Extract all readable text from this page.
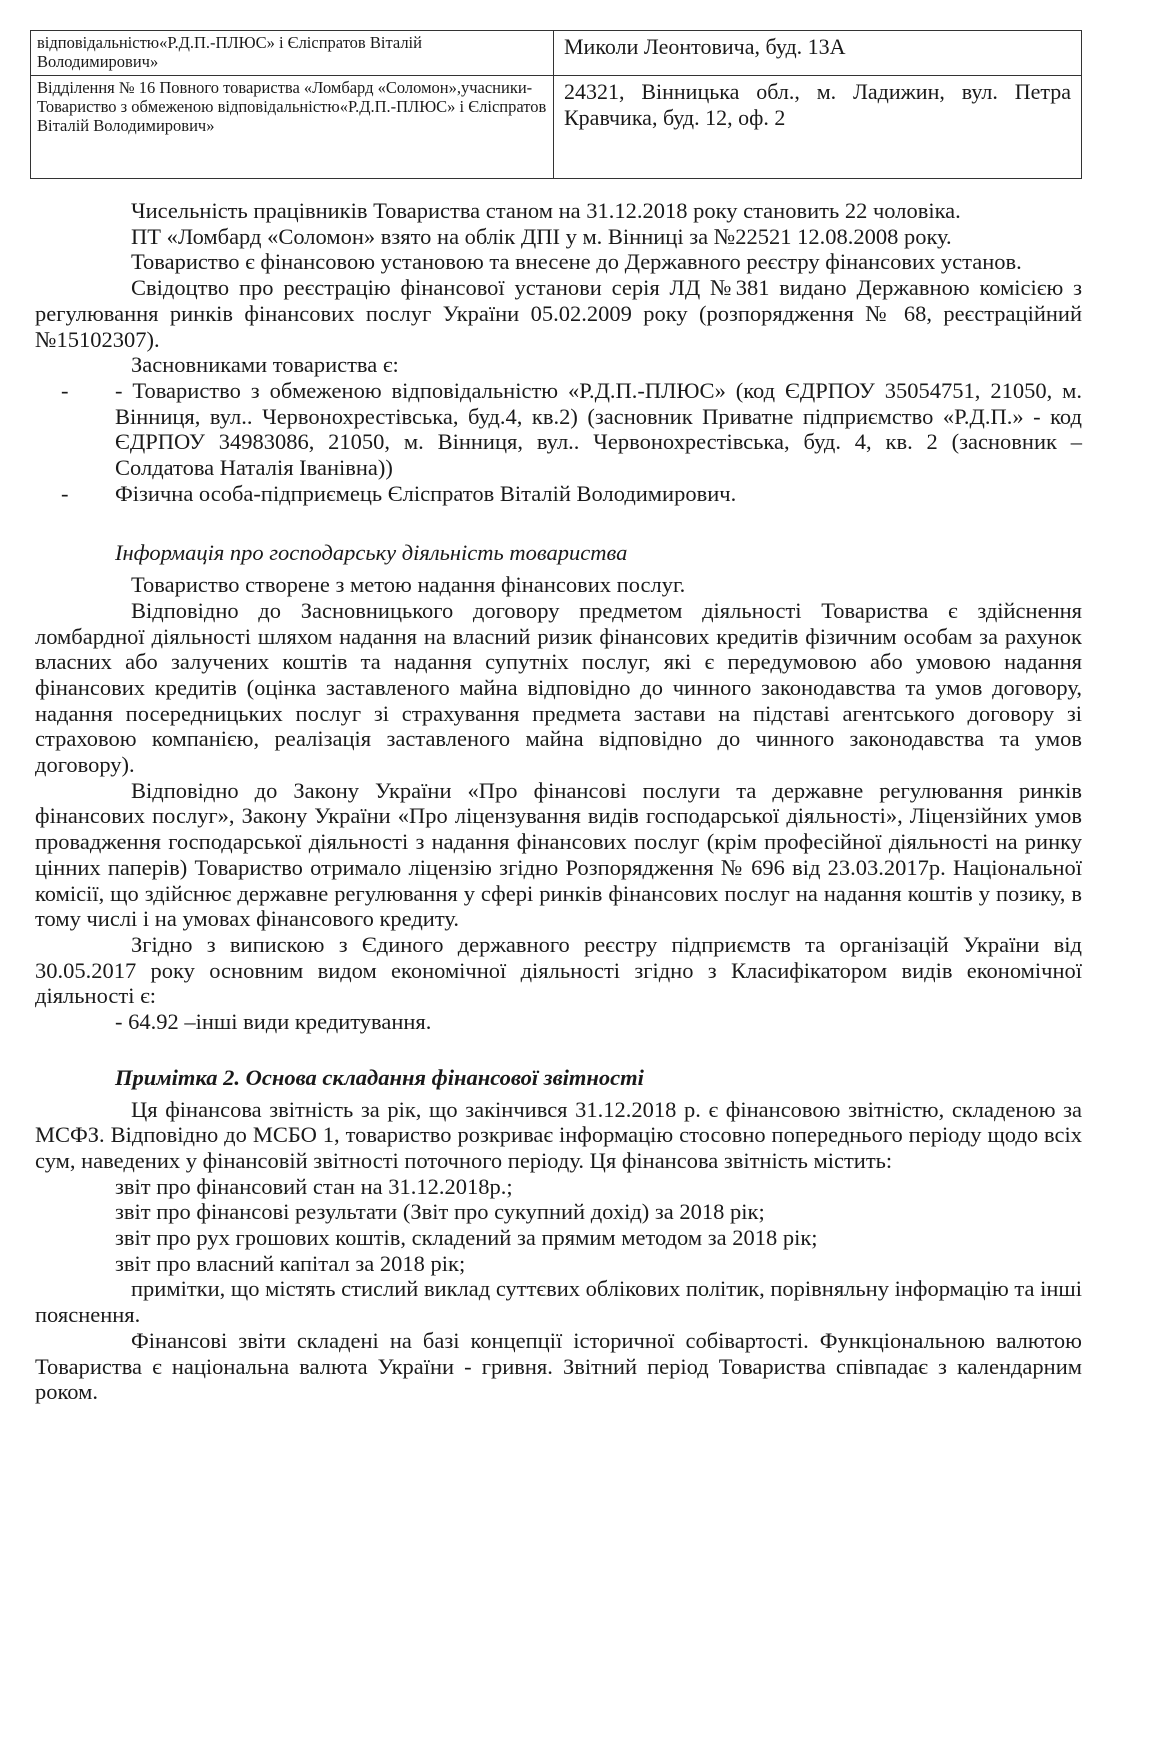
відповідальністю«Р.Д.П.-ПЛЮС» і Єліспратов Віталій Володимирович»	Миколи Леонтовича, буд. 13А
Відділення № 16 Повного товариства «Ломбард «Соломон»,учасники-Товариство з обмеженою відповідальністю«Р.Д.П.-ПЛЮС» і Єліспратов Віталій Володимирович»	24321, Вінницька обл., м. Ладижин, вул. Петра Кравчика, буд. 12, оф. 2

Чисельність працівників Товариства станом на 31.12.2018 року становить 22 чоловіка.

ПТ «Ломбард «Соломон» взято на облік ДПІ у м. Вінниці за №22521 12.08.2008 року.

Товариство є фінансовою установою та внесене до Державного реєстру фінансових установ.

Свідоцтво про реєстрацію фінансової установи серія ЛД №381 видано Державною комісією з регулювання ринків фінансових послуг України 05.02.2009 року (розпорядження № 68, реєстраційний №15102307).

Засновниками товариства є:

- - Товариство з обмеженою відповідальністю «Р.Д.П.-ПЛЮС» (код ЄДРПОУ 35054751, 21050, м. Вінниця, вул.. Червонохрестівська, буд.4, кв.2) (засновник Приватне підприємство «Р.Д.П.» - код ЄДРПОУ 34983086, 21050, м. Вінниця, вул.. Червонохрестівська, буд. 4, кв. 2 (засновник – Солдатова Наталія Іванівна))

- Фізична особа-підприємець Єліспратов Віталій Володимирович.

Інформація про господарську діяльність товариства

Товариство створене з метою надання фінансових послуг.

Відповідно до Засновницького договору предметом діяльності Товариства є здійснення ломбардної діяльності шляхом надання на власний ризик фінансових кредитів фізичним особам за рахунок власних або залучених коштів та надання супутніх послуг, які є передумовою або умовою надання фінансових кредитів (оцінка заставленого майна відповідно до чинного законодавства та умов договору, надання посередницьких послуг зі страхування предмета застави на підставі агентського договору зі страховою компанією, реалізація заставленого майна відповідно до чинного законодавства та умов договору).

Відповідно до Закону України «Про фінансові послуги та державне регулювання ринків фінансових послуг», Закону України «Про ліцензування видів господарської діяльності», Ліцензійних умов провадження господарської діяльності з надання фінансових послуг (крім професійної діяльності на ринку цінних паперів) Товариство отримало ліцензію згідно Розпорядження № 696 від 23.03.2017р. Національної комісії, що здійснює державне регулювання у сфері ринків фінансових послуг на надання коштів у позику, в тому числі і на умовах фінансового кредиту.

Згідно з випискою з Єдиного державного реєстру підприємств та організацій України від 30.05.2017 року основним видом економічної діяльності згідно з Класифікатором видів економічної діяльності є:

- 64.92 –інші види кредитування.

Примітка 2. Основа складання фінансової звітності

Ця фінансова звітність за рік, що закінчився 31.12.2018 р. є фінансовою звітністю, складеною за МСФЗ. Відповідно до МСБО 1, товариство розкриває інформацію стосовно попереднього періоду щодо всіх сум, наведених у фінансовій звітності поточного періоду. Ця фінансова звітність містить:

звіт про фінансовий стан на 31.12.2018р.;

звіт про фінансові результати (Звіт про сукупний дохід) за 2018 рік;

звіт про рух грошових коштів, складений за прямим методом за 2018 рік;

звіт про власний капітал за 2018 рік;

примітки, що містять стислий виклад суттєвих облікових політик, порівняльну інформацію та інші пояснення.

Фінансові звіти складені на базі концепції історичної собівартості. Функціональною валютою Товариства є національна валюта України - гривня. Звітний період Товариства співпадає з календарним роком.
